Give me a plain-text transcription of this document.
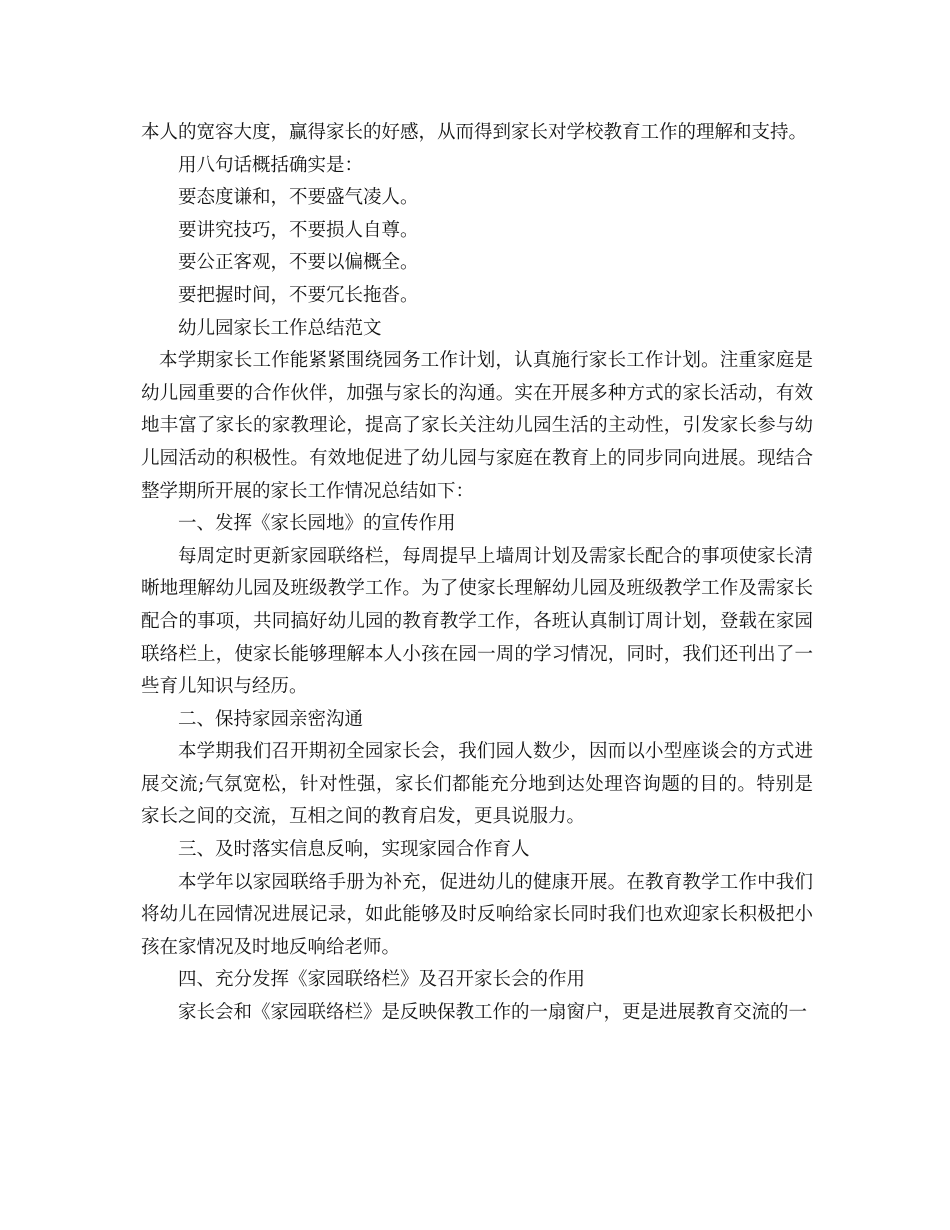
本人的宽容大度，赢得家长的好感，从而得到家长对学校教育工作的理解和支持。

用八句话概括确实是：

要态度谦和，不要盛气凌人。

要讲究技巧，不要损人自尊。

要公正客观，不要以偏概全。

要把握时间，不要冗长拖沓。

幼儿园家长工作总结范文

本学期家长工作能紧紧围绕园务工作计划，认真施行家长工作计划。注重家庭是幼儿园重要的合作伙伴，加强与家长的沟通。实在开展多种方式的家长活动，有效地丰富了家长的家教理论，提高了家长关注幼儿园生活的主动性，引发家长参与幼儿园活动的积极性。有效地促进了幼儿园与家庭在教育上的同步同向进展。现结合整学期所开展的家长工作情况总结如下：

一、发挥《家长园地》的宣传作用

每周定时更新家园联络栏，每周提早上墙周计划及需家长配合的事项使家长清晰地理解幼儿园及班级教学工作。为了使家长理解幼儿园及班级教学工作及需家长配合的事项，共同搞好幼儿园的教育教学工作，各班认真制订周计划，登载在家园联络栏上，使家长能够理解本人小孩在园一周的学习情况，同时，我们还刊出了一些育儿知识与经历。

二、保持家园亲密沟通

本学期我们召开期初全园家长会，我们园人数少，因而以小型座谈会的方式进展交流;气氛宽松，针对性强，家长们都能充分地到达处理咨询题的目的。特别是家长之间的交流，互相之间的教育启发，更具说服力。

三、及时落实信息反响，实现家园合作育人

本学年以家园联络手册为补充，促进幼儿的健康开展。在教育教学工作中我们将幼儿在园情况进展记录，如此能够及时反响给家长同时我们也欢迎家长积极把小孩在家情况及时地反响给老师。

四、充分发挥《家园联络栏》及召开家长会的作用

家长会和《家园联络栏》是反映保教工作的一扇窗户，更是进展教育交流的一
